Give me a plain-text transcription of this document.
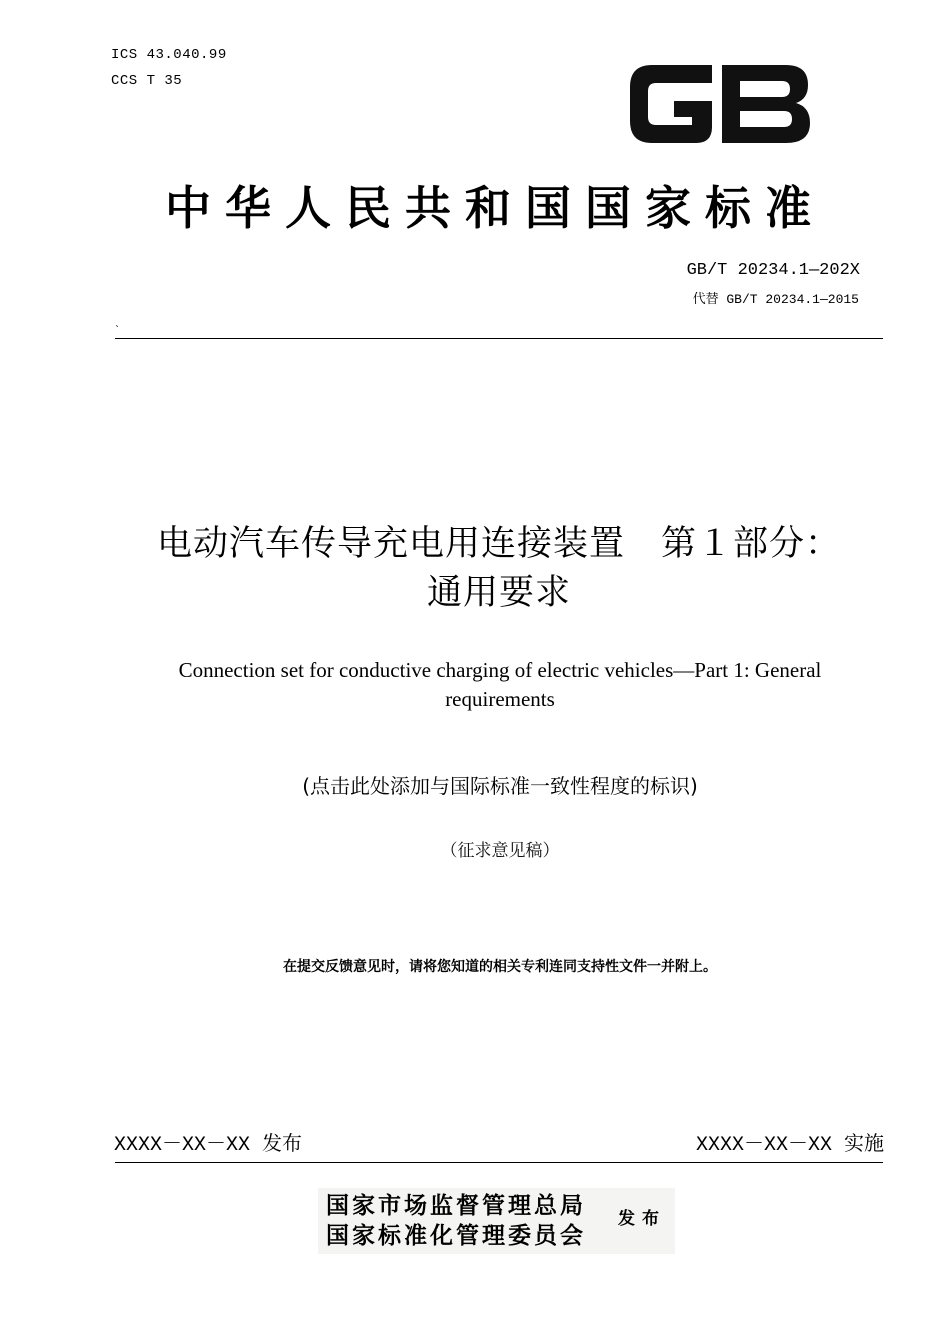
ICS 43.040.99
CCS T 35
中华人民共和国国家标准
GB/T 20234.1—202X
代替 GB/T 20234.1—2015
`
电动汽车传导充电用连接装置　第１部分：
通用要求
Connection set for conductive charging of electric vehicles—Part 1: General
requirements
(点击此处添加与国际标准一致性程度的标识)
（征求意见稿）
在提交反馈意见时，请将您知道的相关专利连同支持性文件一并附上。
XXXX－XX－XX 发布	XXXX－XX－XX 实施
国家市场监督管理总局
国家标准化管理委员会
发布
